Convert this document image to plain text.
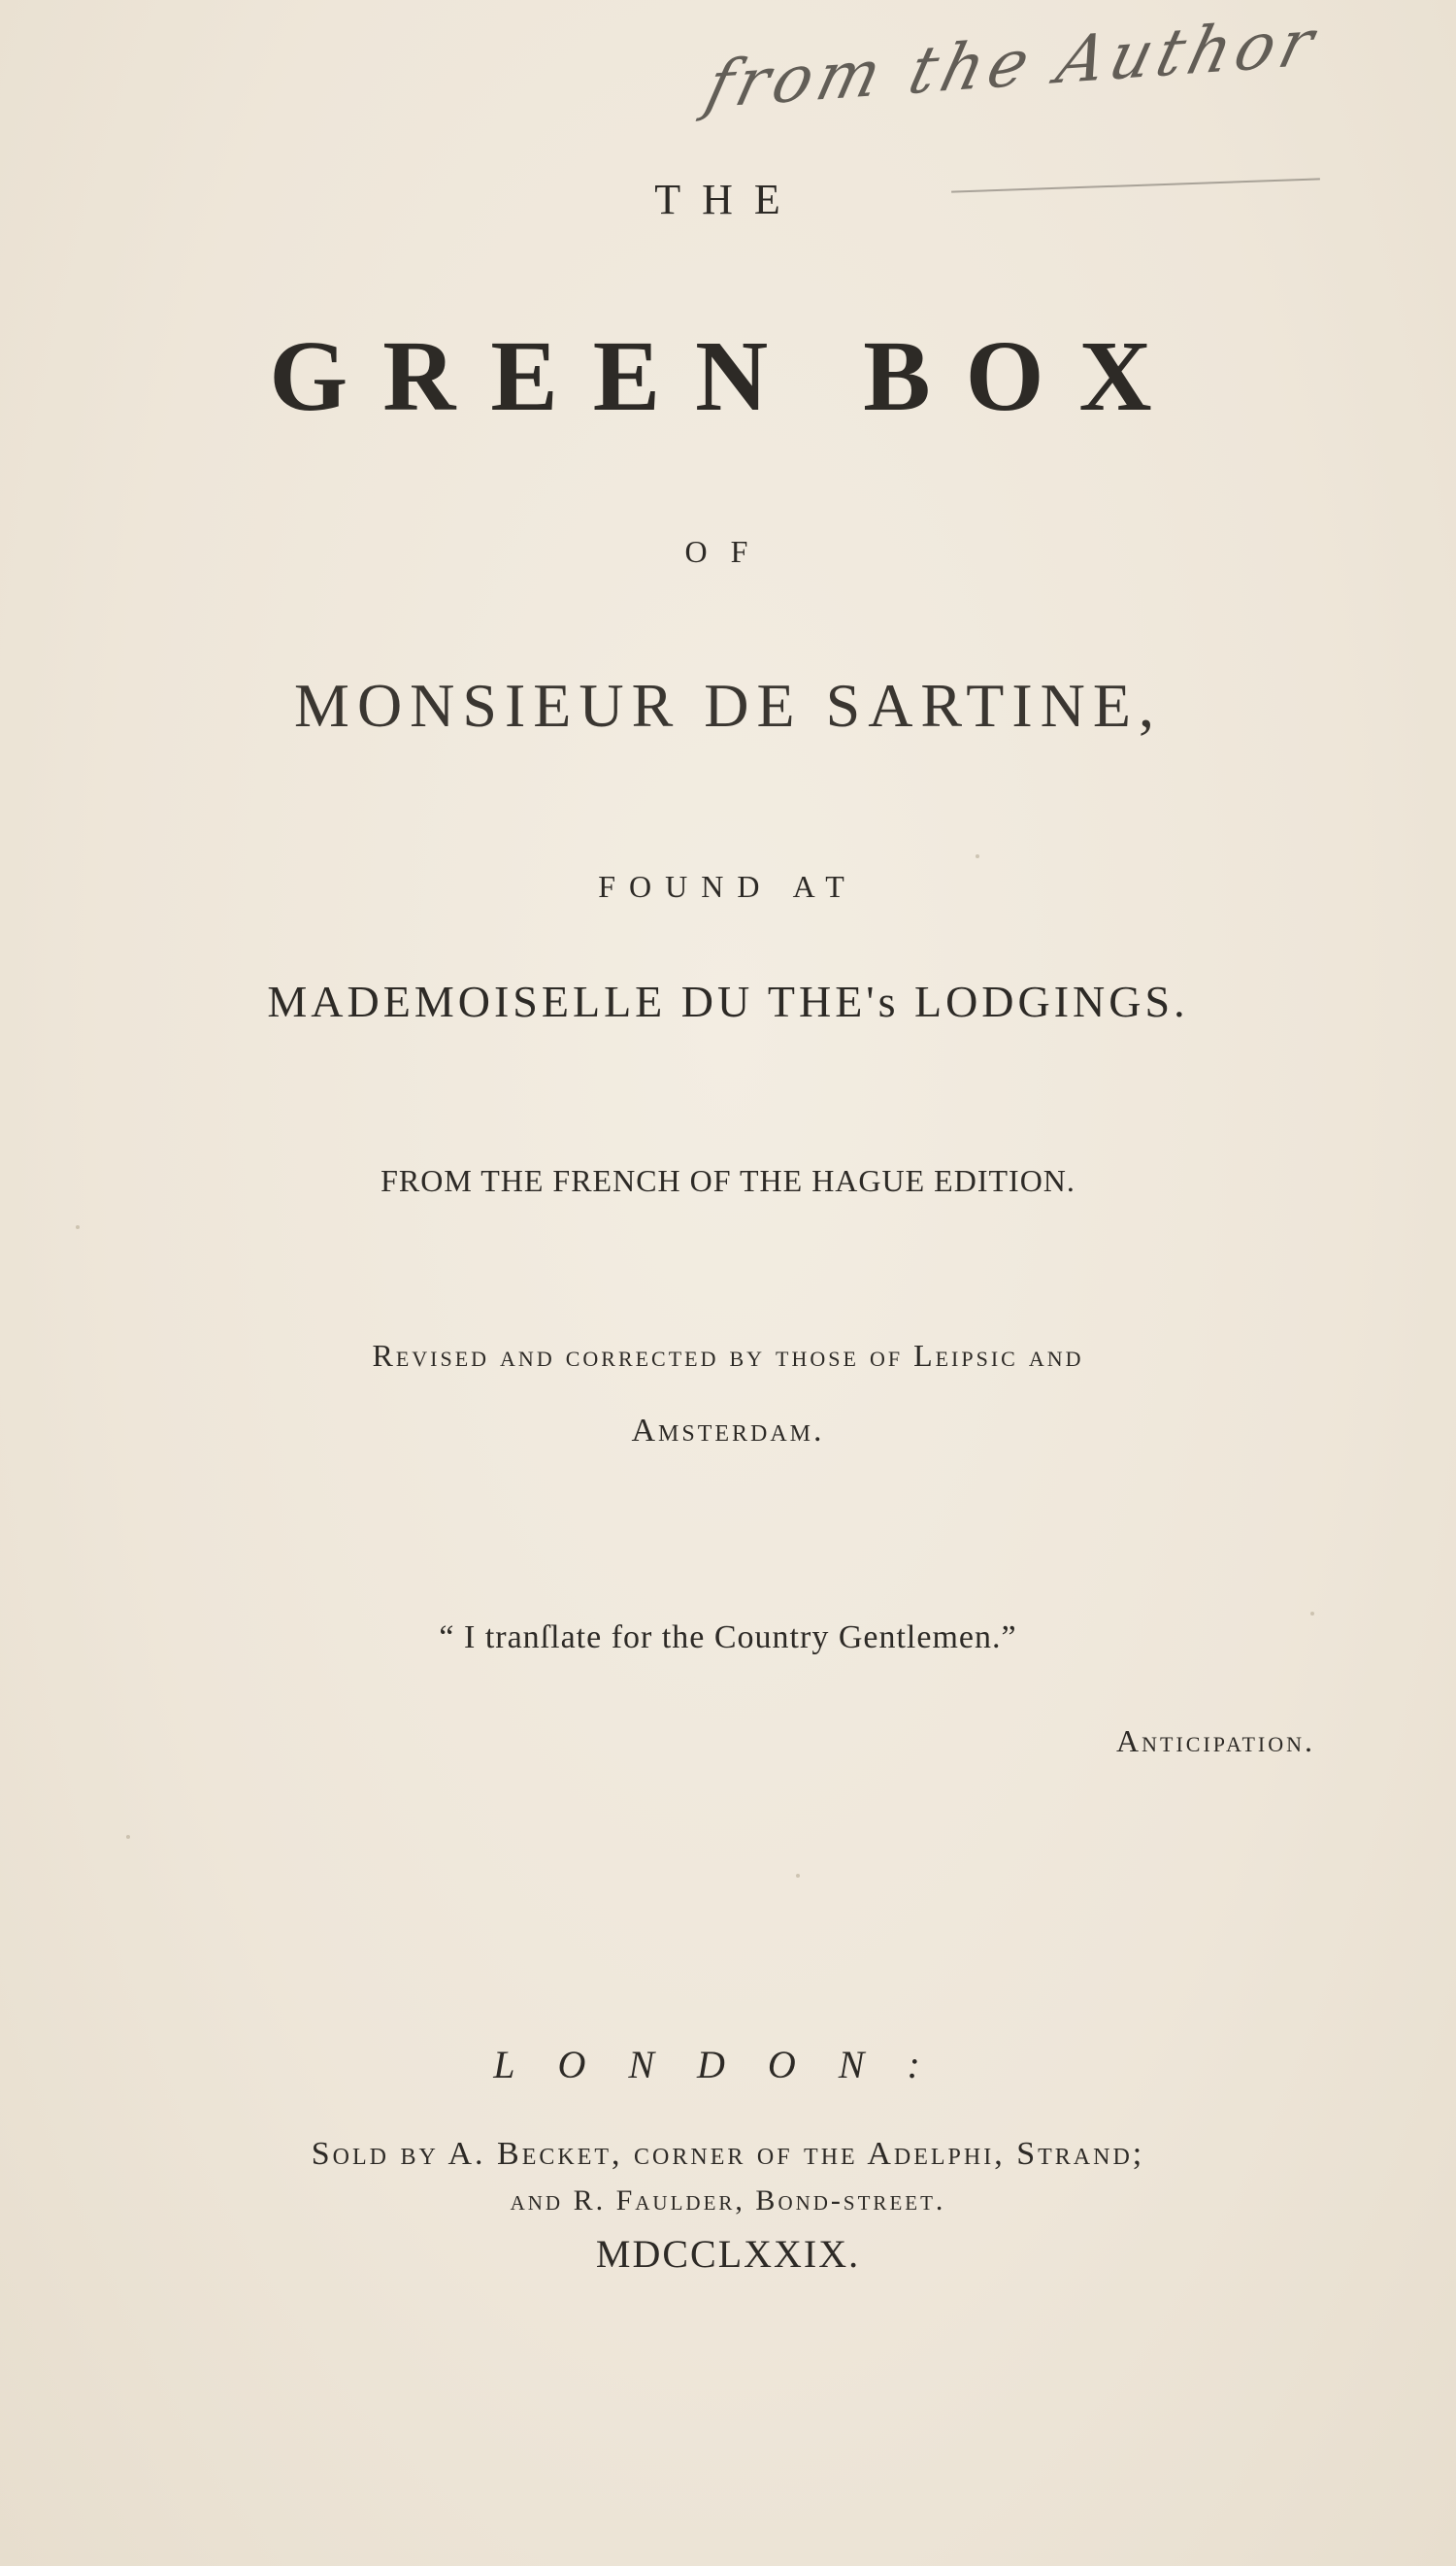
from the Author
THE
GREEN BOX
OF
MONSIEUR DE SARTINE,
FOUND AT
MADEMOISELLE DU THE's LODGINGS.
FROM THE FRENCH OF THE HAGUE EDITION.
Revised and corrected by those of Leipsic and
Amsterdam.
“ I tranſlate for the Country Gentlemen.”
Anticipation.
LONDON:
Sold by A. Becket, corner of the Adelphi, Strand;
and R. Faulder, Bond-street.
MDCCLXXIX.
